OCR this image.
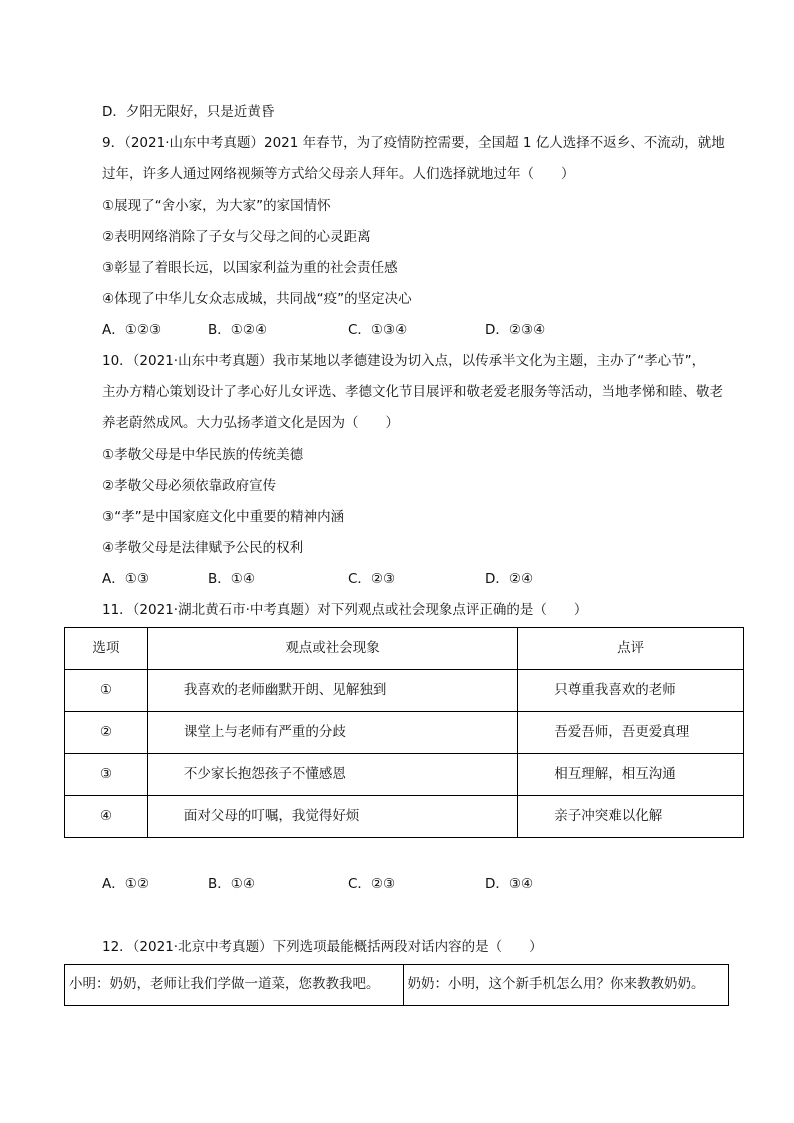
D．夕阳无限好，只是近黄昏
9．（2021·山东中考真题）2021 年春节，为了疫情防控需要，全国超 1 亿人选择不返乡、不流动，就地
过年，许多人通过网络视频等方式给父母亲人拜年。人们选择就地过年（　　）
①展现了“舍小家，为大家”的家国情怀
②表明网络消除了子女与父母之间的心灵距离
③彰显了着眼长远，以国家利益为重的社会责任感
④体现了中华儿女众志成城，共同战“疫”的坚定决心
A．①②③	B．①②④	C．①③④	D．②③④
10．（2021·山东中考真题）我市某地以孝德建设为切入点，以传承半文化为主题，主办了“孝心节”，
主办方精心策划设计了孝心好儿女评选、孝德文化节目展评和敬老爱老服务等活动，当地孝悌和睦、敬老
养老蔚然成风。大力弘扬孝道文化是因为（　　）
①孝敬父母是中华民族的传统美德
②孝敬父母必须依靠政府宣传
③“孝”是中国家庭文化中重要的精神内涵
④孝敬父母是法律赋予公民的权利
A．①③	B．①④	C．②③	D．②④
11．（2021·湖北黄石市·中考真题）对下列观点或社会现象点评正确的是（　　）
选项	观点或社会现象	点评
①	我喜欢的老师幽默开朗、见解独到	只尊重我喜欢的老师
②	课堂上与老师有严重的分歧	吾爱吾师，吾更爱真理
③	不少家长抱怨孩子不懂感恩	相互理解，相互沟通
④	面对父母的叮嘱，我觉得好烦	亲子冲突难以化解
A．①②	B．①④	C．②③	D．③④
12．（2021·北京中考真题）下列选项最能概括两段对话内容的是（　　）
小明：奶奶，老师让我们学做一道菜，您教教我吧。	奶奶：小明，这个新手机怎么用？你来教教奶奶。
